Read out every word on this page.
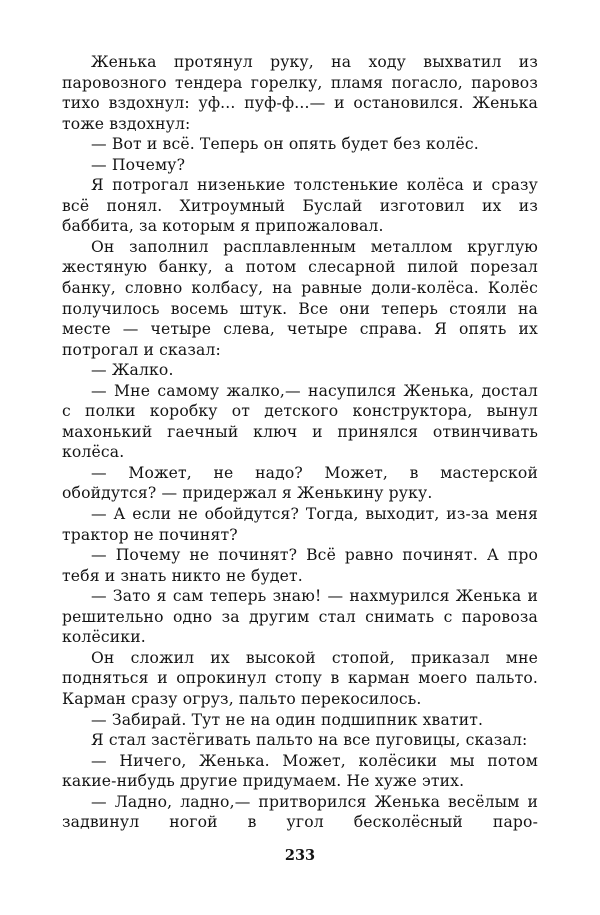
Женька протянул руку, на ходу выхватил из паровозного тендера горелку, пламя погасло, паровоз тихо вздохнул: уф... пуф-ф...— и остановился. Женька тоже вздохнул:

— Вот и всё. Теперь он опять будет без колёс.

— Почему?

Я потрогал низенькие толстенькие колёса и сразу всё понял. Хитроумный Буслай изготовил их из баббита, за которым я припожаловал.

Он заполнил расплавленным металлом круглую жестяную банку, а потом слесарной пилой порезал банку, словно колбасу, на равные доли-колёса. Колёс получилось восемь штук. Все они теперь стояли на месте — четыре слева, четыре справа. Я опять их потрогал и сказал:

— Жалко.

— Мне самому жалко,— насупился Женька, достал с полки коробку от детского конструктора, вынул махонький гаечный ключ и принялся отвинчивать колёса.

— Может, не надо? Может, в мастерской обойдутся? — придержал я Женькину руку.

— А если не обойдутся? Тогда, выходит, из-за меня трактор не починят?

— Почему не починят? Всё равно починят. А про тебя и знать никто не будет.

— Зато я сам теперь знаю! — нахмурился Женька и решительно одно за другим стал снимать с паровоза колёсики.

Он сложил их высокой стопой, приказал мне подняться и опрокинул стопу в карман моего пальто. Карман сразу огруз, пальто перекосилось.

— Забирай. Тут не на один подшипник хватит.

Я стал застёгивать пальто на все пуговицы, сказал:

— Ничего, Женька. Может, колёсики мы потом какие-нибудь другие придумаем. Не хуже этих.

— Ладно, ладно,— притворился Женька весёлым и задвинул ногой в угол бесколёсный паро-

233
